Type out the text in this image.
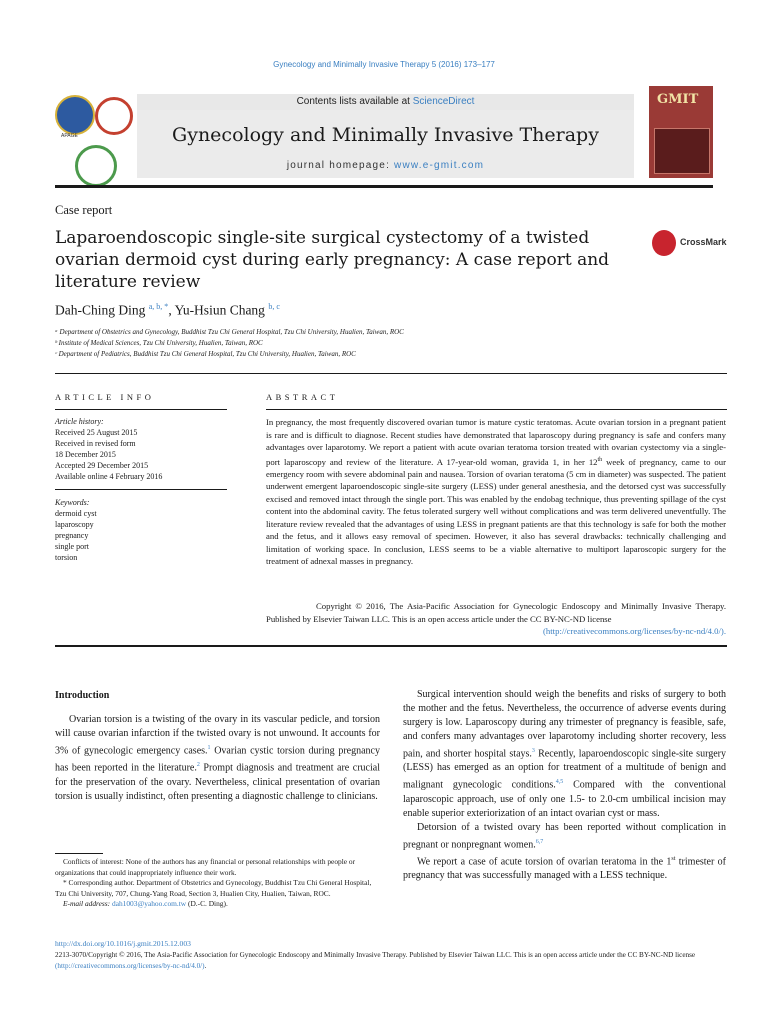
Gynecology and Minimally Invasive Therapy 5 (2016) 173–177
APAGE
Contents lists available at ScienceDirect
Gynecology and Minimally Invasive Therapy
journal homepage: www.e-gmit.com
GMIT
Case report
Laparoendoscopic single-site surgical cystectomy of a twisted ovarian dermoid cyst during early pregnancy: A case report and literature review
CrossMark
Dah-Ching Ding $^{a, b, *}$, Yu-Hsiun Chang $^{b, c}$
ᵃ Department of Obstetrics and Gynecology, Buddhist Tzu Chi General Hospital, Tzu Chi University, Hualien, Taiwan, ROC
ᵇ Institute of Medical Sciences, Tzu Chi University, Hualien, Taiwan, ROC
ᶜ Department of Pediatrics, Buddhist Tzu Chi General Hospital, Tzu Chi University, Hualien, Taiwan, ROC
ARTICLE INFO	ABSTRACT
Article history:
Received 25 August 2015
Received in revised form
18 December 2015
Accepted 29 December 2015
Available online 4 February 2016
Keywords:
dermoid cyst
laparoscopy
pregnancy
single port
torsion
In pregnancy, the most frequently discovered ovarian tumor is mature cystic teratomas. Acute ovarian torsion in a pregnant patient is rare and is difficult to diagnose. Recent studies have demonstrated that laparoscopy during pregnancy is safe and confers many advantages over laparotomy. We report a patient with acute ovarian teratoma torsion treated with ovarian cystectomy via a single-port laparoscopy and review of the literature. A 17-year-old woman, gravida 1, in her 12th week of pregnancy, came to our emergency room with severe abdominal pain and nausea. Torsion of ovarian teratoma (5 cm in diameter) was suspected. The patient underwent emergent laparoendoscopic single-site surgery (LESS) under general anesthesia, and the detorsed cyst was successfully excised and removed intact through the single port. This was enabled by the endobag technique, thus preventing spillage of the cyst content into the abdominal cavity. The fetus tolerated surgery well without complications and was term delivered uneventfully. The literature review revealed that the advantages of using LESS in pregnant patients are that this technology is safe for both the mother and the fetus, and it allows easy removal of specimen. However, it also has several drawbacks: technically challenging and limitation of working space. In conclusion, LESS seems to be a viable alternative to multiport laparoscopic surgery for the treatment of adnexal masses in pregnancy.
Copyright © 2016, The Asia-Pacific Association for Gynecologic Endoscopy and Minimally Invasive Therapy. Published by Elsevier Taiwan LLC. This is an open access article under the CC BY-NC-ND license
(http://creativecommons.org/licenses/by-nc-nd/4.0/).
Introduction

Ovarian torsion is a twisting of the ovary in its vascular pedicle, and torsion will cause ovarian infarction if the twisted ovary is not unwound. It accounts for 3% of gynecologic emergency cases.$^1$ Ovarian cystic torsion during pregnancy has been reported in the literature.$^2$ Prompt diagnosis and treatment are crucial for the preservation of the ovary. Nevertheless, clinical presentation of ovarian torsion is usually indistinct, often presenting a diagnostic challenge to clinicians.

Surgical intervention should weigh the benefits and risks of surgery to both the mother and the fetus. Nevertheless, the occurrence of adverse events during surgery is low. Laparoscopy during any trimester of pregnancy is feasible, safe, and confers many advantages over laparotomy including shorter recovery, less pain, and shorter hospital stays.$^3$ Recently, laparoendoscopic single-site surgery (LESS) has emerged as an option for treatment of a multitude of benign and malignant gynecologic conditions.$^{4,5}$ Compared with the conventional laparoscopic approach, use of only one 1.5- to 2.0-cm umbilical incision may enable superior exteriorization of an intact ovarian cyst or mass.

Detorsion of a twisted ovary has been reported without complication in pregnant or nonpregnant women.$^{6,7}$

We report a case of acute torsion of ovarian teratoma in the 1st trimester of pregnancy that was successfully managed with a LESS technique.

Conflicts of interest: None of the authors has any financial or personal relationships with people or organizations that could inappropriately influence their work.
* Corresponding author. Department of Obstetrics and Gynecology, Buddhist Tzu Chi General Hospital, Tzu Chi University, 707, Chung-Yang Road, Section 3, Hualien City, Hualien, Taiwan, ROC.
E-mail address: dah1003@yahoo.com.tw (D.-C. Ding).
http://dx.doi.org/10.1016/j.gmit.2015.12.003
2213-3070/Copyright © 2016, The Asia-Pacific Association for Gynecologic Endoscopy and Minimally Invasive Therapy. Published by Elsevier Taiwan LLC. This is an open access article under the CC BY-NC-ND license (http://creativecommons.org/licenses/by-nc-nd/4.0/).
